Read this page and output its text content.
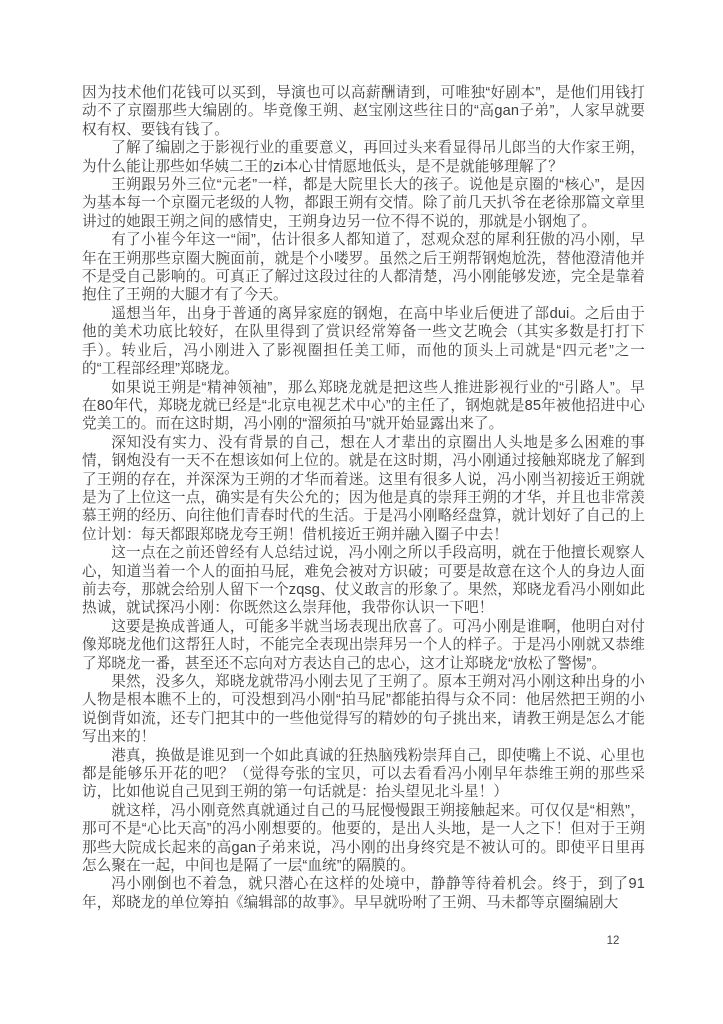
因为技术他们花钱可以买到，导演也可以高薪酬请到，可唯独“好剧本”，是他们用钱打动不了京圈那些大编剧的。毕竟像王朔、赵宝刚这些往日的“高gan子弟”，人家早就要权有权、要钱有钱了。

了解了编剧之于影视行业的重要意义，再回过头来看显得吊儿郎当的大作家王朔，为什么能让那些如华姨二王的zi本心甘情愿地低头，是不是就能够理解了？

王朔跟另外三位“元老”一样，都是大院里长大的孩子。说他是京圈的“核心”，是因为基本每一个京圈元老级的人物，都跟王朔有交情。除了前几天扒爷在老徐那篇文章里讲过的她跟王朔之间的感情史，王朔身边另一位不得不说的，那就是小钢炮了。

有了小崔今年这一“闹”，估计很多人都知道了，怼观众怼的犀利狂傲的冯小刚，早年在王朔那些京圈大腕面前，就是个小喽罗。虽然之后王朔帮钢炮尬洗，替他澄清他并不是受自己影响的。可真正了解过这段过往的人都清楚，冯小刚能够发迹，完全是靠着抱住了王朔的大腿才有了今天。

遥想当年，出身于普通的离异家庭的钢炮，在高中毕业后便进了部dui。之后由于他的美术功底比较好，在队里得到了赏识经常筹备一些文艺晚会（其实多数是打打下手）。转业后，冯小刚进入了影视圈担任美工师，而他的顶头上司就是“四元老”之一的“工程部经理”郑晓龙。

如果说王朔是“精神领袖”，那么郑晓龙就是把这些人推进影视行业的“引路人”。早在80年代，郑晓龙就已经是“北京电视艺术中心”的主任了，钢炮就是85年被他招进中心党美工的。而在这时期，冯小刚的“溜须拍马”就开始显露出来了。

深知没有实力、没有背景的自己，想在人才辈出的京圈出人头地是多么困难的事情，钢炮没有一天不在想该如何上位的。就是在这时期，冯小刚通过接触郑晓龙了解到了王朔的存在，并深深为王朔的才华而着迷。这里有很多人说，冯小刚当初接近王朔就是为了上位这一点，确实是有失公允的；因为他是真的崇拜王朔的才华，并且也非常羡慕王朔的经历、向往他们青春时代的生活。于是冯小刚略经盘算，就计划好了自己的上位计划：每天都跟郑晓龙夸王朔！借机接近王朔并融入圈子中去！

这一点在之前还曾经有人总结过说，冯小刚之所以手段高明，就在于他擅长观察人心，知道当着一个人的面拍马屁，难免会被对方识破；可要是故意在这个人的身边人面前去夸，那就会给别人留下一个zqsg、仗义敢言的形象了。果然，郑晓龙看冯小刚如此热诚，就试探冯小刚：你既然这么崇拜他，我带你认识一下吧！

这要是换成普通人，可能多半就当场表现出欣喜了。可冯小刚是谁啊，他明白对付像郑晓龙他们这帮狂人时，不能完全表现出崇拜另一个人的样子。于是冯小刚就又恭维了郑晓龙一番，甚至还不忘向对方表达自己的忠心，这才让郑晓龙“放松了警惕”。

果然，没多久，郑晓龙就带冯小刚去见了王朔了。原本王朔对冯小刚这种出身的小人物是根本瞧不上的，可没想到冯小刚“拍马屁”都能拍得与众不同：他居然把王朔的小说倒背如流，还专门把其中的一些他觉得写的精妙的句子挑出来，请教王朔是怎么才能写出来的！

港真，换做是谁见到一个如此真诚的狂热脑残粉崇拜自己，即使嘴上不说、心里也都是能够乐开花的吧？（觉得夸张的宝贝，可以去看看冯小刚早年恭维王朔的那些采访，比如他说自己见到王朔的第一句话就是：抬头望见北斗星！）

就这样，冯小刚竟然真就通过自己的马屁慢慢跟王朔接触起来。可仅仅是“相熟”，那可不是“心比天高”的冯小刚想要的。他要的，是出人头地，是一人之下！但对于王朔那些大院成长起来的高gan子弟来说，冯小刚的出身终究是不被认可的。即使平日里再怎么聚在一起，中间也是隔了一层“血统”的隔膜的。

冯小刚倒也不着急，就只潜心在这样的处境中，静静等待着机会。终于，到了91年，郑晓龙的单位筹拍《编辑部的故事》。早早就吩咐了王朔、马未都等京圈编剧大

12
